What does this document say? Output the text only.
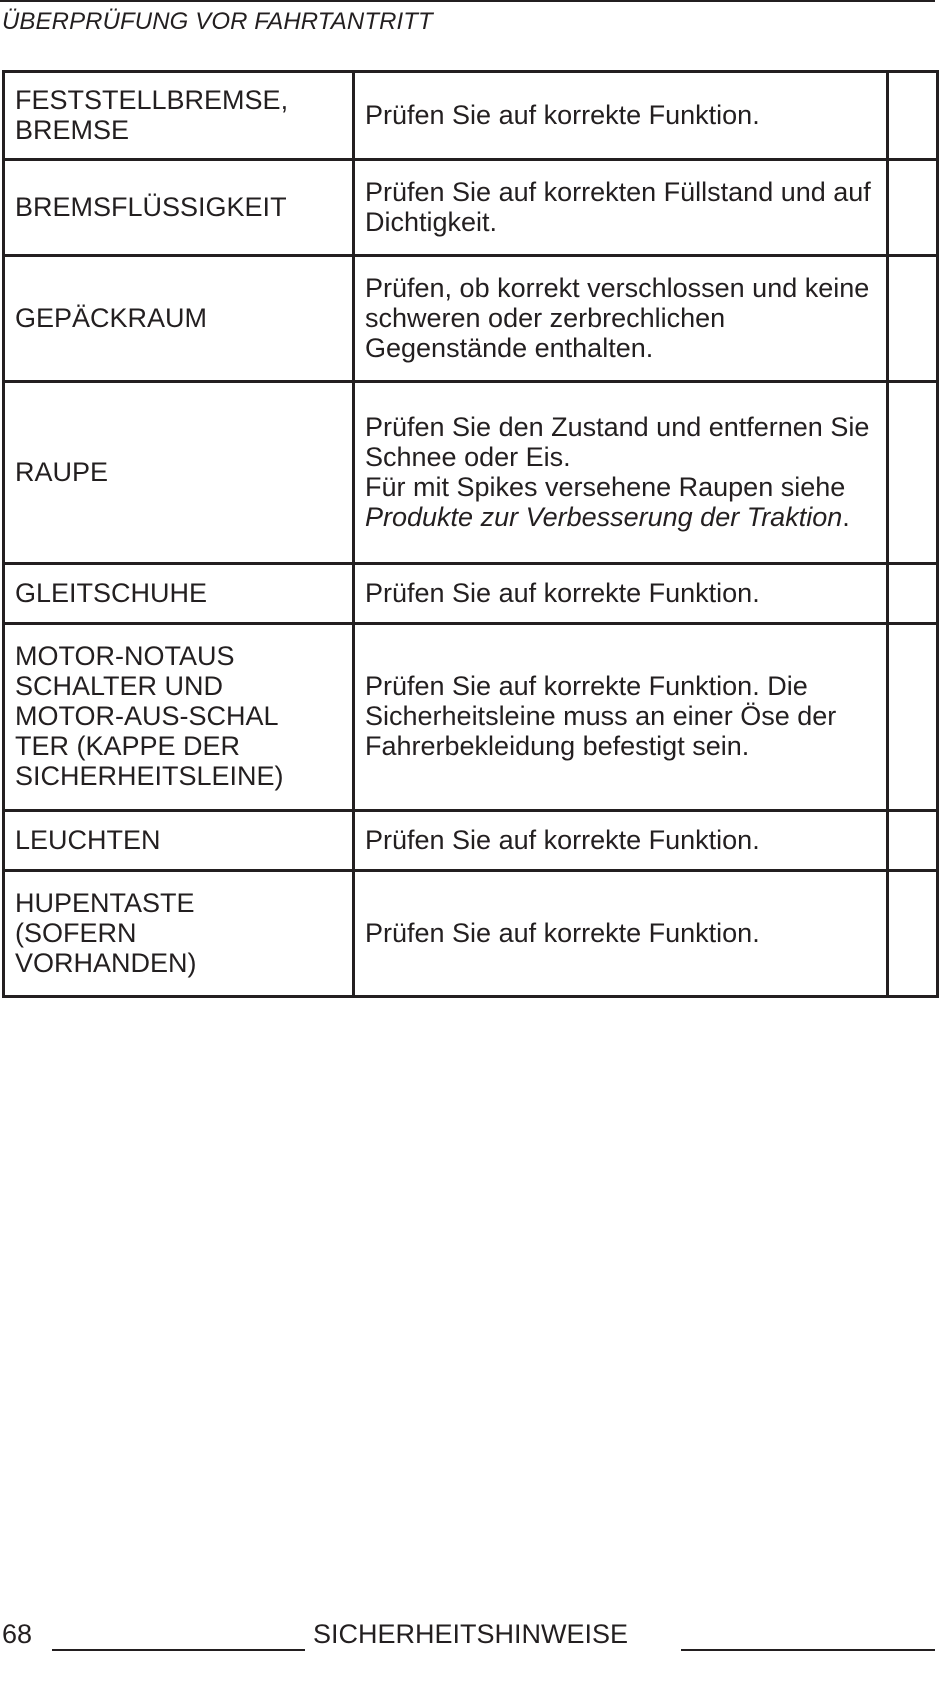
ÜBERPRÜFUNG VOR FAHRTANTRITT
FESTSTELLBREMSE,
BREMSE	Prüfen Sie auf korrekte Funktion.	
BREMSFLÜSSIGKEIT	Prüfen Sie auf korrekten Füllstand und auf Dichtigkeit.	
GEPÄCKRAUM	Prüfen, ob korrekt verschlossen und keine schweren oder zerbrechlichen Gegenstände enthalten.	
RAUPE	Prüfen Sie den Zustand und entfernen Sie Schnee oder Eis.
Für mit Spikes versehene Raupen siehe Produkte zur Verbesserung der Traktion.	
GLEITSCHUHE	Prüfen Sie auf korrekte Funktion.	
MOTOR-NOTAUS
SCHALTER UND
MOTOR-AUS-SCHAL
TER (KAPPE DER
SICHERHEITSLEINE)	Prüfen Sie auf korrekte Funktion. Die Sicherheitsleine muss an einer Öse der Fahrerbekleidung befestigt sein.	
LEUCHTEN	Prüfen Sie auf korrekte Funktion.	
HUPENTASTE
(SOFERN
VORHANDEN)	Prüfen Sie auf korrekte Funktion.	
68	SICHERHEITSHINWEISE
